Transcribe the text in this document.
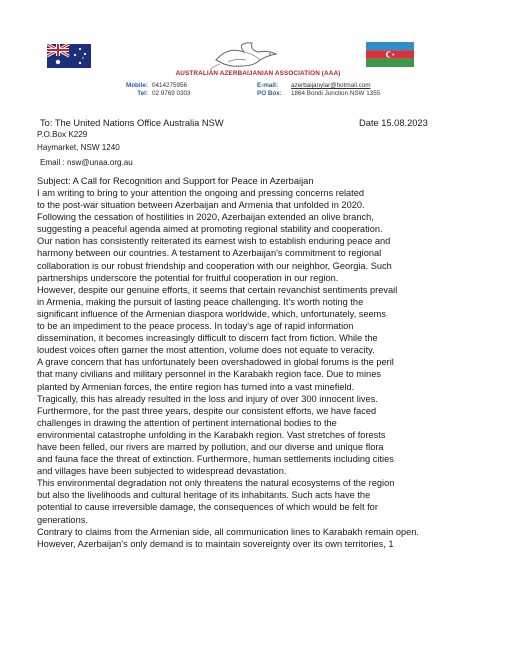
AUSTRALIAN AZERBAIJANIAN ASSOCIATION (AAA)
Mobile: 0414275956
Tel: 02 9769 0303
E-mail: azerbaijanylar@hotmail.com
PO Box: 1864 Bondi Junction NSW 1355
To: The United Nations Office Australia NSW	Date 15.08.2023
P.O.Box K229
Haymarket, NSW 1240
Email : nsw@unaa.org.au
Subject: A Call for Recognition and Support for Peace in Azerbaijan
I am writing to bring to your attention the ongoing and pressing concerns related
to the post-war situation between Azerbaijan and Armenia that unfolded in 2020.
Following the cessation of hostilities in 2020, Azerbaijan extended an olive branch,
suggesting a peaceful agenda aimed at promoting regional stability and cooperation.
Our nation has consistently reiterated its earnest wish to establish enduring peace and
harmony between our countries. A testament to Azerbaijan's commitment to regional
collaboration is our robust friendship and cooperation with our neighbor, Georgia. Such
partnerships underscore the potential for fruitful cooperation in our region.
However, despite our genuine efforts, it seems that certain revanchist sentiments prevail
in Armenia, making the pursuit of lasting peace challenging. It's worth noting the
significant influence of the Armenian diaspora worldwide, which, unfortunately, seems
to be an impediment to the peace process. In today's age of rapid information
dissemination, it becomes increasingly difficult to discern fact from fiction. While the
loudest voices often garner the most attention, volume does not equate to veracity.
A grave concern that has unfortunately been overshadowed in global forums is the peril
that many civilians and military personnel in the Karabakh region face. Due to mines
planted by Armenian forces, the entire region has turned into a vast minefield.
Tragically, this has already resulted in the loss and injury of over 300 innocent lives.
Furthermore, for the past three years, despite our consistent efforts, we have faced
challenges in drawing the attention of pertinent international bodies to the
environmental catastrophe unfolding in the Karabakh region. Vast stretches of forests
have been felled, our rivers are marred by pollution, and our diverse and unique flora
and fauna face the threat of extinction. Furthermore, human settlements including cities
and villages have been subjected to widespread devastation.
This environmental degradation not only threatens the natural ecosystems of the region
but also the livelihoods and cultural heritage of its inhabitants. Such acts have the
potential to cause irreversible damage, the consequences of which would be felt for
generations.
Contrary to claims from the Armenian side, all communication lines to Karabakh remain open.
However, Azerbaijan's only demand is to maintain sovereignty over its own territories, 1
